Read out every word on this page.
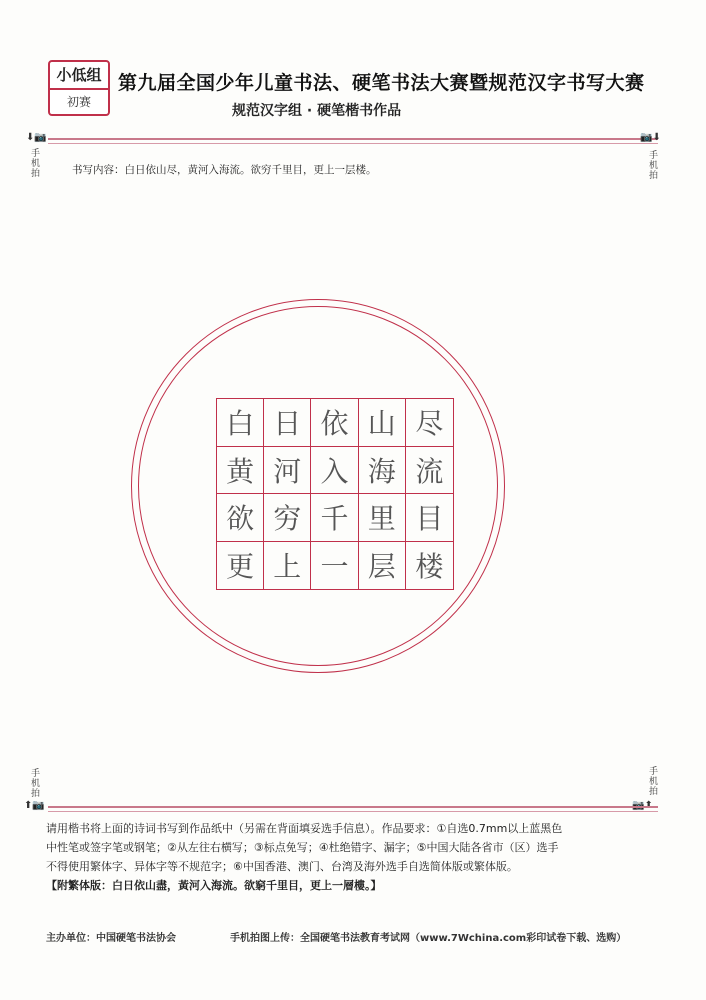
小低组
初赛
第九届全国少年儿童书法、硬笔书法大赛暨规范汉字书写大赛
规范汉字组 · 硬笔楷书作品
⬇📷
手机拍
📷⬇
手机拍
手机拍
⬆📷
手机拍
📷⬆
书写内容：白日依山尽，黄河入海流。欲穷千里目，更上一层楼。
白 日 依 山 尽
黄 河 入 海 流
欲 穷 千 里 目
更 上 一 层 楼
请用楷书将上面的诗词书写到作品纸中（另需在背面填妥选手信息）。作品要求：①自选0.7mm以上蓝黑色
中性笔或签字笔或钢笔；②从左往右横写；③标点免写；④杜绝错字、漏字；⑤中国大陆各省市（区）选手
不得使用繁体字、异体字等不规范字；⑥中国香港、澳门、台湾及海外选手自选简体版或繁体版。
【附繁体版：白日依山盡，黃河入海流。欲窮千里目，更上一層樓。】
主办单位：中国硬笔书法协会	手机拍图上传：全国硬笔书法教育考试网（www.7Wchina.com彩印试卷下载、选购）
